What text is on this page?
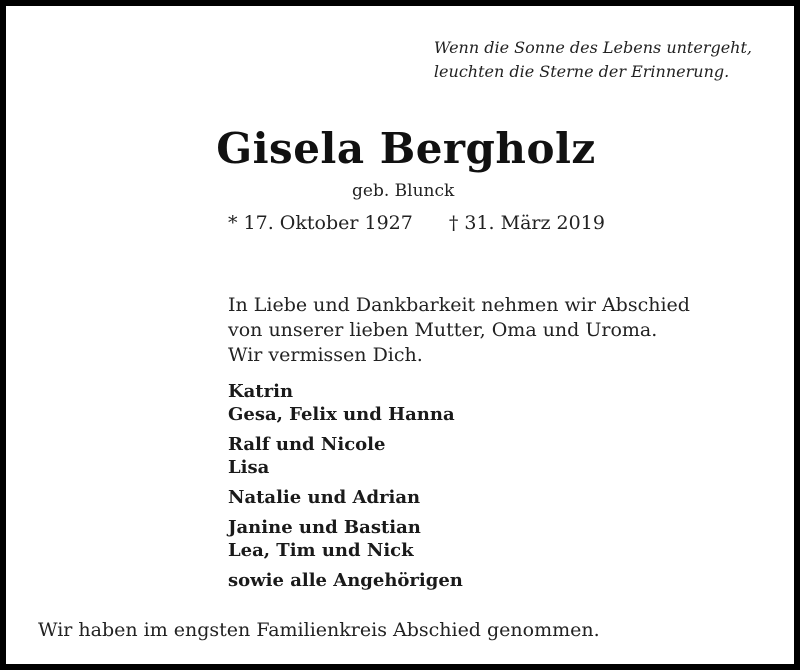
Wenn die Sonne des Lebens untergeht,
leuchten die Sterne der Erinnerung.
Gisela Bergholz
geb. Blunck
* 17. Oktober 1927 † 31. März 2019
In Liebe und Dankbarkeit nehmen wir Abschied
von unserer lieben Mutter, Oma und Uroma.
Wir vermissen Dich.
Katrin
Gesa, Felix und Hanna
Ralf und Nicole
Lisa
Natalie und Adrian
Janine und Bastian
Lea, Tim und Nick
sowie alle Angehörigen
Wir haben im engsten Familienkreis Abschied genommen.
